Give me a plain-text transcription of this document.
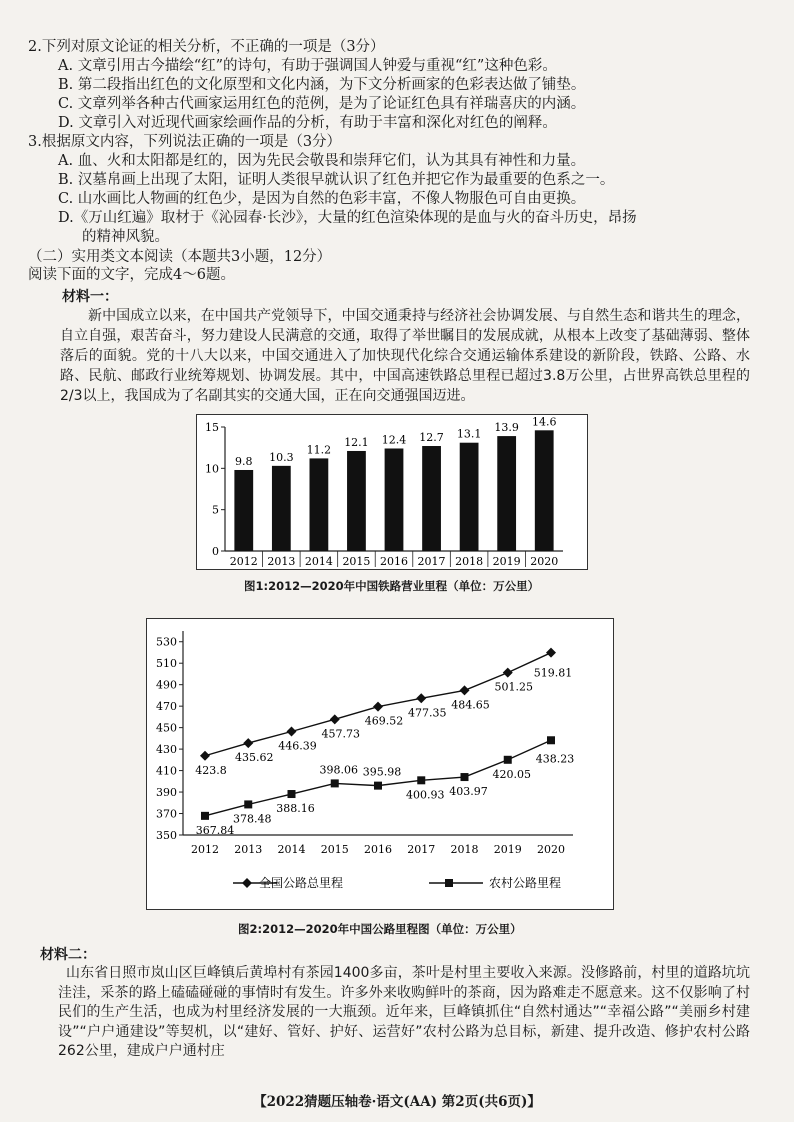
2.下列对原文论证的相关分析，不正确的一项是（3分）
A. 文章引用古今描绘“红”的诗句，有助于强调国人钟爱与重视“红”这种色彩。
B. 第二段指出红色的文化原型和文化内涵，为下文分析画家的色彩表达做了铺垫。
C. 文章列举各种古代画家运用红色的范例，是为了论证红色具有祥瑞喜庆的内涵。
D. 文章引入对近现代画家绘画作品的分析，有助于丰富和深化对红色的阐释。
3.根据原文内容，下列说法正确的一项是（3分）
A. 血、火和太阳都是红的，因为先民会敬畏和崇拜它们，认为其具有神性和力量。
B. 汉墓帛画上出现了太阳，证明人类很早就认识了红色并把它作为最重要的色系之一。
C. 山水画比人物画的红色少，是因为自然的色彩丰富，不像人物服色可自由更换。
D.《万山红遍》取材于《沁园春·长沙》，大量的红色渲染体现的是血与火的奋斗历史，昂扬
的精神风貌。
（二）实用类文本阅读（本题共3小题，12分）
阅读下面的文字，完成4～6题。
材料一：
新中国成立以来，在中国共产党领导下，中国交通秉持与经济社会协调发展、与自然生态和谐共生的理念，自立自强，艰苦奋斗，努力建设人民满意的交通，取得了举世瞩目的发展成就，从根本上改变了基础薄弱、整体落后的面貌。党的十八大以来，中国交通进入了加快现代化综合交通运输体系建设的新阶段，铁路、公路、水路、民航、邮政行业统筹规划、协调发展。其中，中国高速铁路总里程已超过3.8万公里，占世界高铁总里程的2/3以上，我国成为了名副其实的交通大国，正在向交通强国迈进。
0
5
10
15
9.8
2012
10.3
2013
11.2
2014
12.1
2015
12.4
2016
12.7
2017
13.1
2018
13.9
2019
14.6
2020
图1:2012—2020年中国铁路营业里程（单位：万公里）
350
370
390
410
430
450
470
490
510
530
2012 2013 2014 2015 2016 2017 2018 2019 2020
423.8
435.62
446.39
457.73
469.52
477.35
484.65
501.25
519.81
367.84
378.48
388.16
398.06 395.98
400.93 403.97
420.05
438.23
全国公路总里程	农村公路里程
图2:2012—2020年中国公路里程图（单位：万公里）
材料二：
山东省日照市岚山区巨峰镇后黄埠村有茶园1400多亩，茶叶是村里主要收入来源。没修路前，村里的道路坑坑洼洼，采茶的路上磕磕碰碰的事情时有发生。许多外来收购鲜叶的茶商，因为路难走不愿意来。这不仅影响了村民们的生产生活，也成为村里经济发展的一大瓶颈。近年来，巨峰镇抓住“自然村通达”“幸福公路”“美丽乡村建设”“户户通建设”等契机，以“建好、管好、护好、运营好”农村公路为总目标，新建、提升改造、修护农村公路262公里，建成户户通村庄
【2022猜题压轴卷·语文(AA) 第2页(共6页)】
